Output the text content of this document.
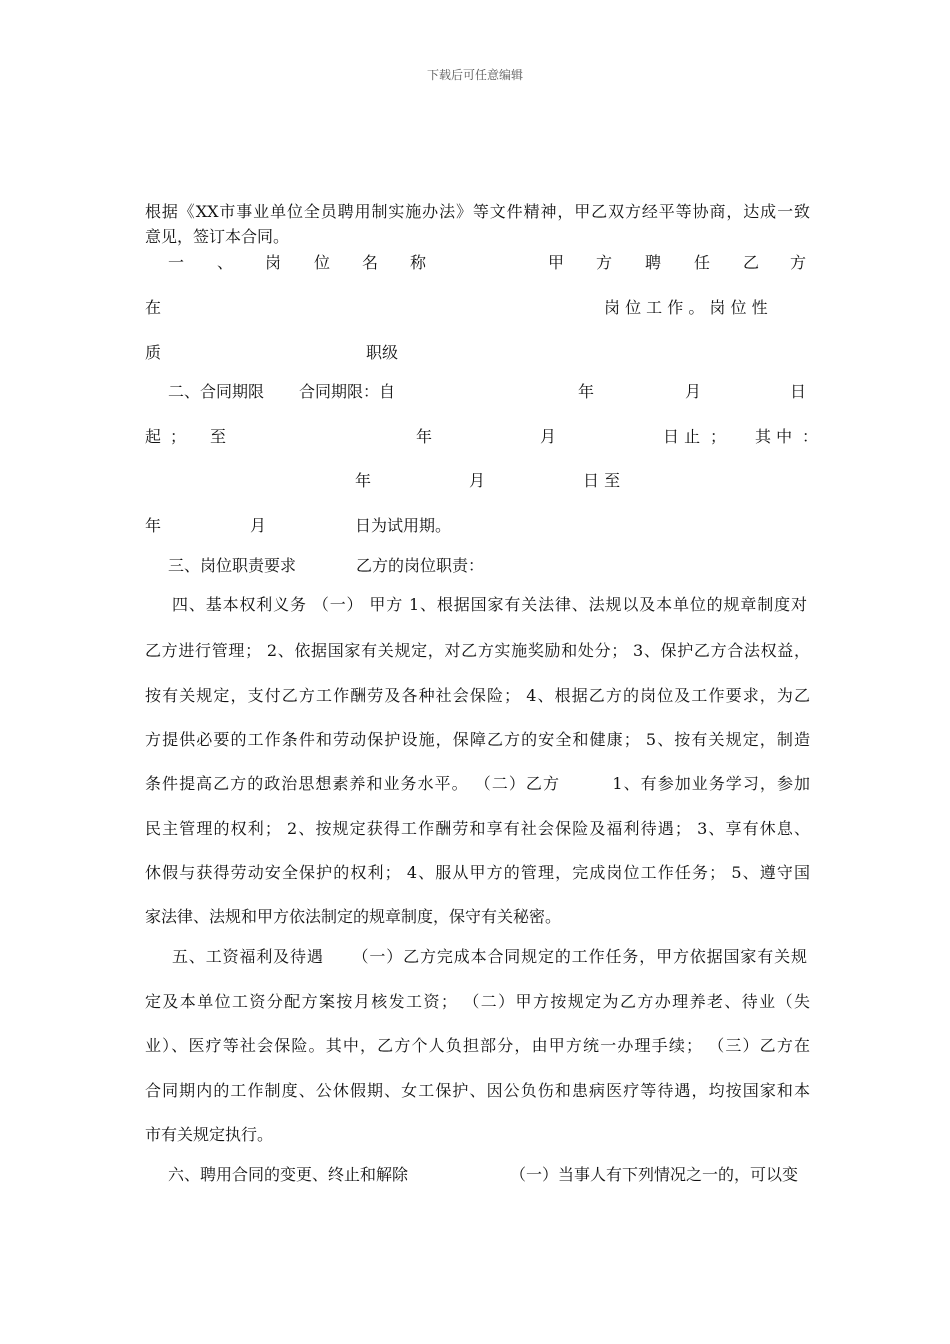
下载后可任意编辑
根据《XX市事业单位全员聘用制实施办法》等文件精神，甲乙双方经平等协商，达成一致
意见，签订本合同。
一 、 岗 位 名 称	甲 方 聘 任 乙 方
在	岗 位 工 作 。 岗 位 性
质	职级
二、合同期限 合同期限：自	年	月	日
起 ； 至	年	月	日 止 ； 其 中 ：
年	月	日 至
年	月	日为试用期。
三、岗位职责要求	乙方的岗位职责：
四、基本权利义务 （一） 甲方 1、根据国家有关法律、法规以及本单位的规章制度对
乙方进行管理； 2、依据国家有关规定，对乙方实施奖励和处分； 3、保护乙方合法权益，
按有关规定，支付乙方工作酬劳及各种社会保险； 4、根据乙方的岗位及工作要求，为乙
方提供必要的工作条件和劳动保护设施，保障乙方的安全和健康； 5、按有关规定，制造
条件提高乙方的政治思想素养和业务水平。 （二）乙方 　 　 1、有参加业务学习，参加
民主管理的权利； 2、按规定获得工作酬劳和享有社会保险及福利待遇； 3、享有休息、
休假与获得劳动安全保护的权利； 4、服从甲方的管理，完成岗位工作任务； 5、遵守国
家法律、法规和甲方依法制定的规章制度，保守有关秘密。
五、工资福利及待遇 　 （一）乙方完成本合同规定的工作任务，甲方依据国家有关规
定及本单位工资分配方案按月核发工资； （二）甲方按规定为乙方办理养老、待业（失
业）、医疗等社会保险。其中，乙方个人负担部分，由甲方统一办理手续； （三）乙方在
合同期内的工作制度、公休假期、女工保护、因公负伤和患病医疗等待遇，均按国家和本
市有关规定执行。
六、聘用合同的变更、终止和解除	（一）当事人有下列情况之一的，可以变
